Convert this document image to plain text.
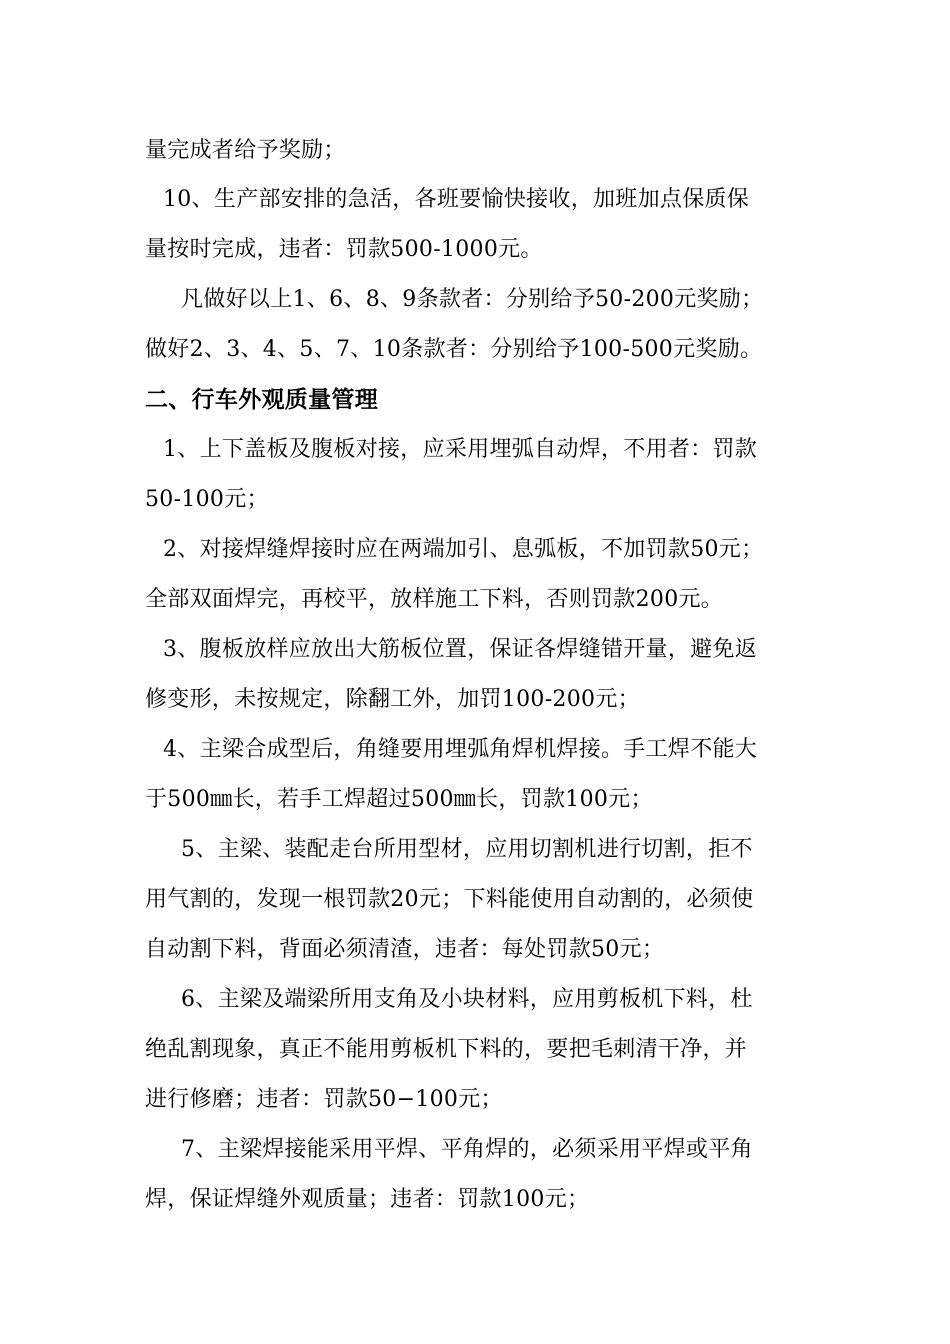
量完成者给予奖励；
10、生产部安排的急活，各班要愉快接收，加班加点保质保
量按时完成，违者：罚款500-1000元。
凡做好以上1、6、8、9条款者：分别给予50-200元奖励；
做好2、3、4、5、7、10条款者：分别给予100-500元奖励。
二、行车外观质量管理
1、上下盖板及腹板对接，应采用埋弧自动焊，不用者：罚款
50-100元；
2、对接焊缝焊接时应在两端加引、息弧板，不加罚款50元；
全部双面焊完，再校平，放样施工下料，否则罚款200元。
3、腹板放样应放出大筋板位置，保证各焊缝错开量，避免返
修变形，未按规定，除翻工外，加罚100-200元；
4、主梁合成型后，角缝要用埋弧角焊机焊接。手工焊不能大
于500㎜长，若手工焊超过500㎜长，罚款100元；
5、主梁、装配走台所用型材，应用切割机进行切割，拒不
用气割的，发现一根罚款20元；下料能使用自动割的，必须使
自动割下料，背面必须清渣，违者：每处罚款50元；
6、主梁及端梁所用支角及小块材料，应用剪板机下料，杜
绝乱割现象，真正不能用剪板机下料的，要把毛刺清干净，并
进行修磨；违者：罚款50−100元；
7、主梁焊接能采用平焊、平角焊的，必须采用平焊或平角
焊，保证焊缝外观质量；违者：罚款100元；
